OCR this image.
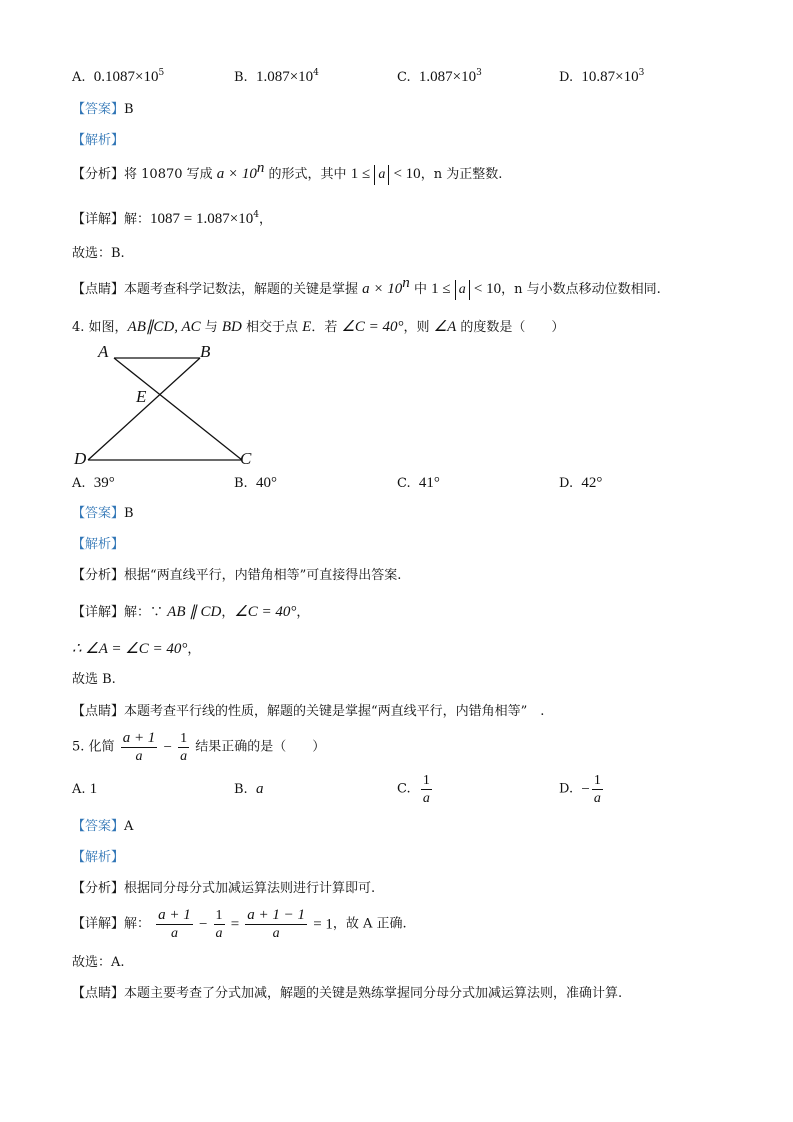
A. $0.1087\times 10^5$	B. $1.087\times 10^4$	C. $1.087\times 10^3$	D. $10.87\times 10^3$
【答案】B
【解析】
【分析】将 10870 写成 $a \times 10^n$ 的形式，其中 1 ≤ a < 10，n 为正整数.
【详解】解：$1087 = 1.087\times 10^4$，
故选：B.
【点睛】本题考查科学记数法，解题的关键是掌握 $a \times 10^n$ 中 1 ≤ a < 10，n 与小数点移动位数相同.
4. 如图，AB∥CD, AC 与 BD 相交于点 E．若 ∠C = 40°，则 ∠A 的度数是（　　）
A	B
E
D	C
A. 39°	B. 40°	C. 41°	D. 42°
【答案】B
【解析】
【分析】根据“两直线平行，内错角相等”可直接得出答案.
【详解】解：∵ AB ∥ CD，∠C = 40°，
∴ ∠A = ∠C = 40°，
故选 B.
【点睛】本题考查平行线的性质，解题的关键是掌握“两直线平行，内错角相等”　.
5. 化简 $\frac{a + 1}{a} - \frac{1}{a}$ 结果正确的是（　　）
A. 1	B. a	C. $\frac{1}{a}$	D. − $\frac{1}{a}$
【答案】A
【解析】
【分析】根据同分母分式加减运算法则进行计算即可.
【详解】解： $\frac{a + 1}{a} - \frac{1}{a} = \frac{a + 1 - 1}{a} = 1$，故 A 正确.
故选：A.
【点睛】本题主要考查了分式加减，解题的关键是熟练掌握同分母分式加减运算法则，准确计算.
